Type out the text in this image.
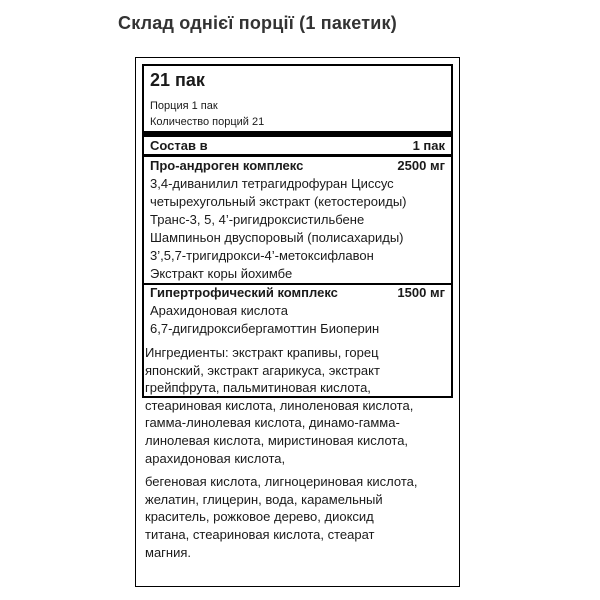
Склад однієї порції (1 пакетик)
21 пак
Порция 1 пак
Количество порций 21
Состав в	1 пак
Про-андроген комплекс	2500 мг
3,4-диванилил тетрагидрофуран Циссус
четырехугольный экстракт (кетостероиды)
Транс-3, 5, 4’-ригидроксистильбене
Шампиньон двуспоровый (полисахариды)
3’,5,7-тригидрокси-4’-метоксифлавон
Экстракт коры йохимбе
Гипертрофический комплекс	1500 мг
Арахидоновая кислота
6,7-дигидроксибергамоттин Биоперин
Ингредиенты: экстракт крапивы, горец
японский, экстракт агарикуса, экстракт
грейпфрута, пальмитиновая кислота,
стеариновая кислота, линоленовая кислота,
гамма-линолевая кислота, динамо-гамма-
линолевая кислота, миристиновая кислота,
арахидоновая кислота,
бегеновая кислота, лигноцериновая кислота,
желатин, глицерин, вода, карамельный
краситель, рожковое дерево, диоксид
титана, стеариновая кислота, стеарат
магния.
